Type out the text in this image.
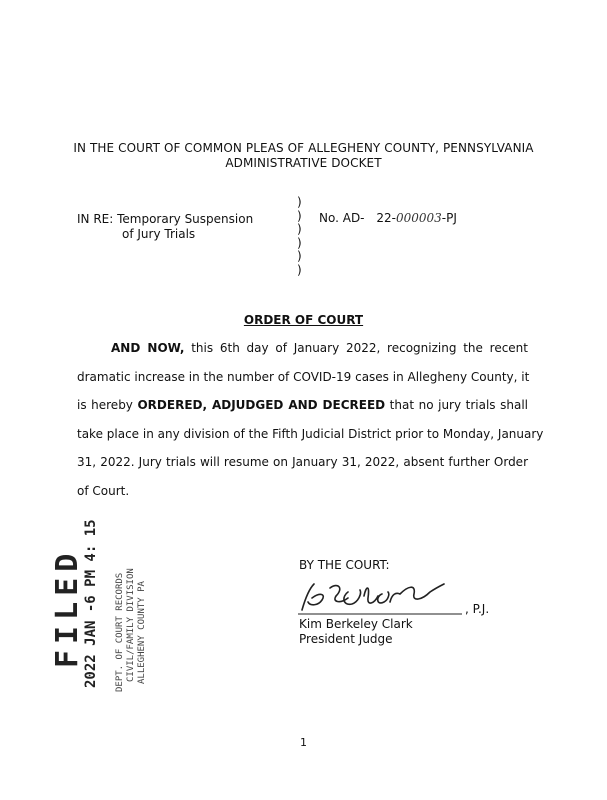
IN THE COURT OF COMMON PLEAS OF ALLEGHENY COUNTY, PENNSYLVANIA
ADMINISTRATIVE DOCKET
IN RE: Temporary Suspension
of Jury Trials
)
)
)
)
)
)
No. AD- 22-000003-PJ
ORDER OF COURT
AND NOW, this 6th day of January 2022, recognizing the recent
dramatic increase in the number of COVID-19 cases in Allegheny County, it
is hereby ORDERED, ADJUDGED AND DECREED that no jury trials shall
take place in any division of the Fifth Judicial District prior to Monday, January
31, 2022. Jury trials will resume on January 31, 2022, absent further Order
of Court.
BY THE COURT:
, P.J.
Kim Berkeley Clark
President Judge
FILED
2022 JAN -6 PM 4: 15 DEPT. OF COURT RECORDS CIVIL/FAMILY DIVISION ALLEGHENY COUNTY PA
1
